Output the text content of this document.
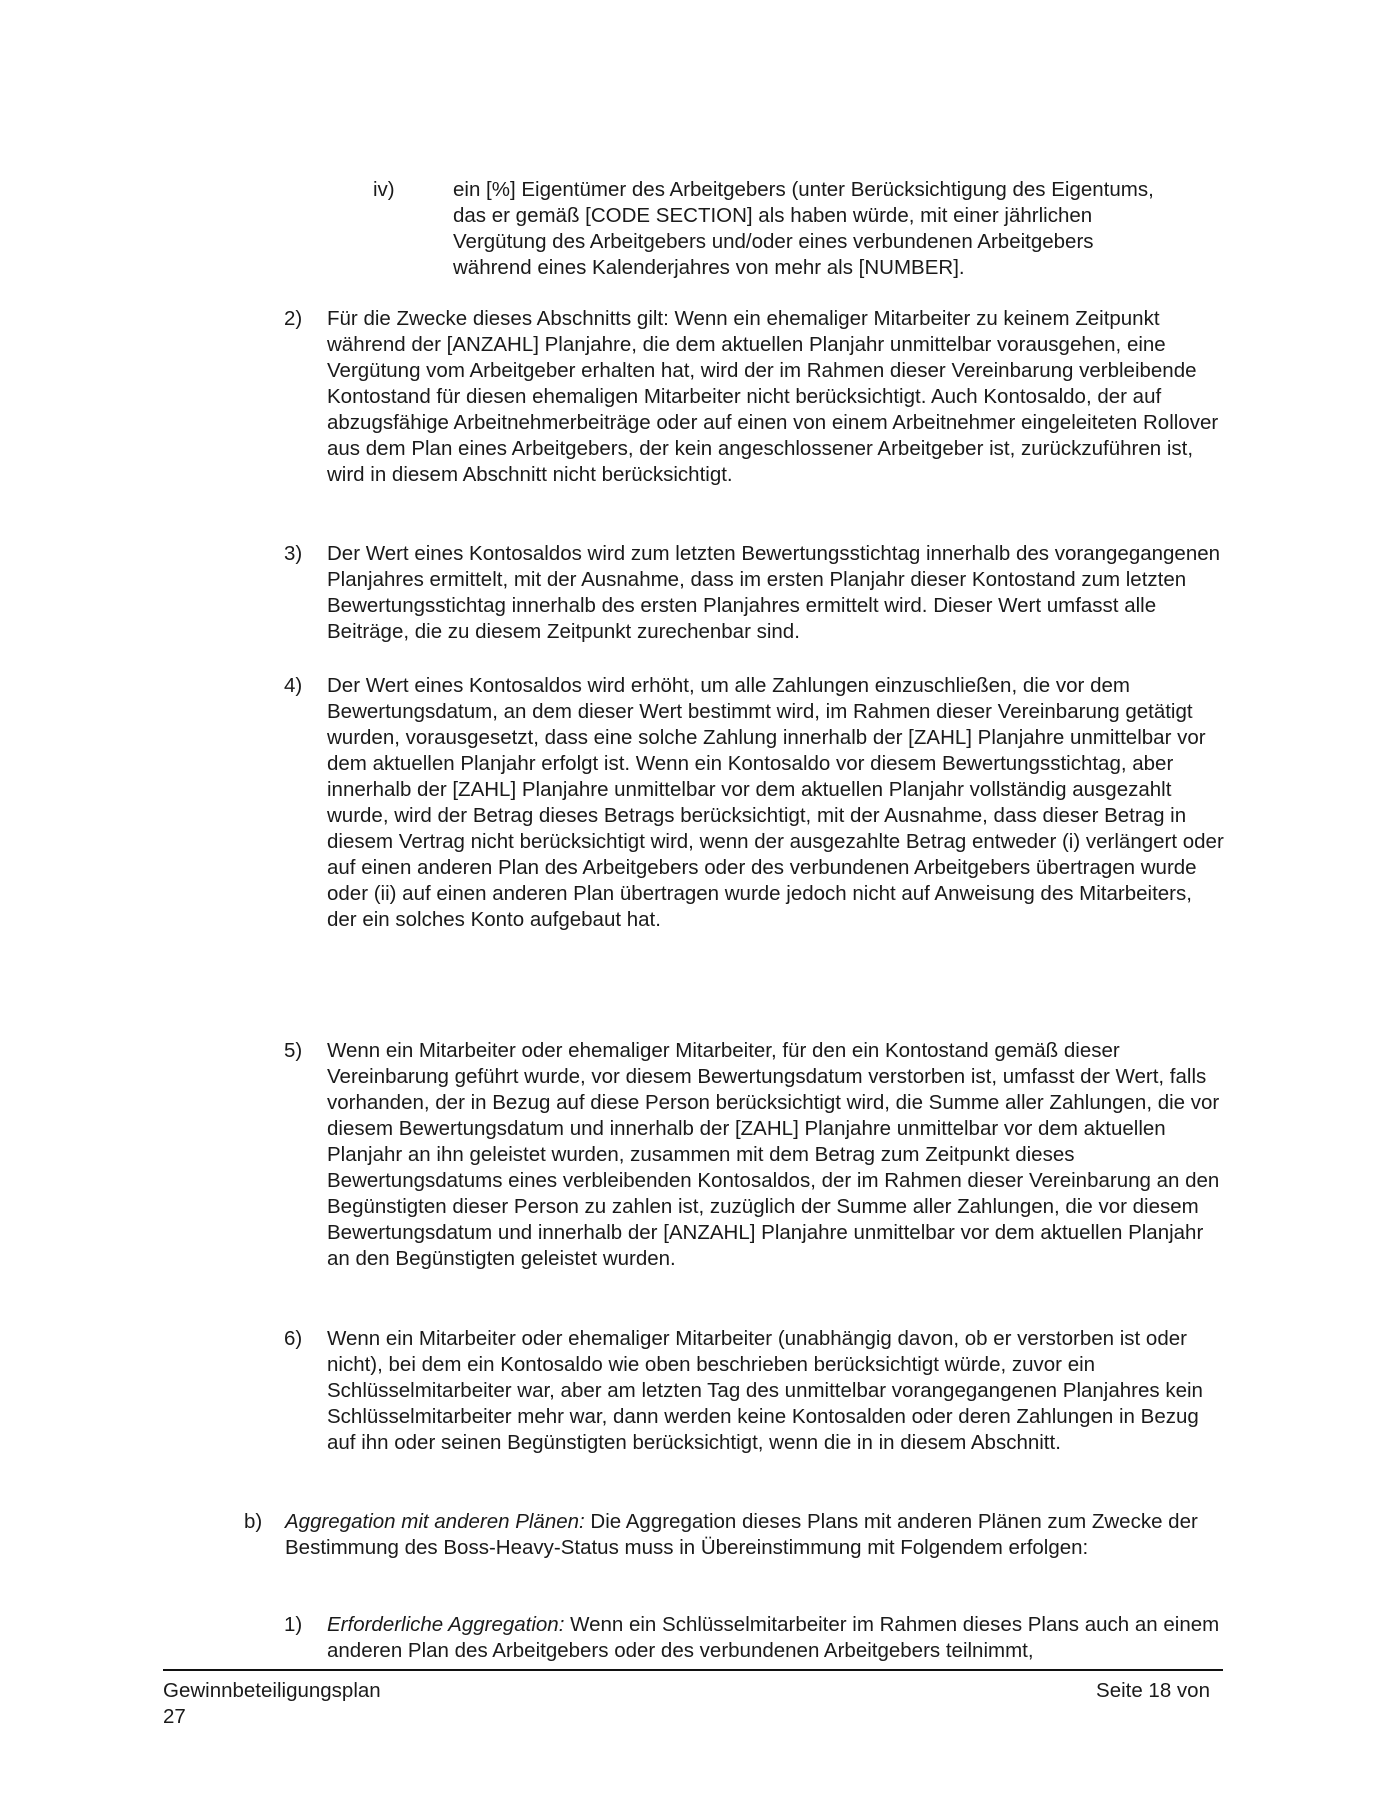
iv)	ein [%] Eigentümer des Arbeitgebers (unter Berücksichtigung des Eigentums, das er gemäß [CODE SECTION] als haben würde, mit einer jährlichen Vergütung des Arbeitgebers und/oder eines verbundenen Arbeitgebers während eines Kalenderjahres von mehr als [NUMBER].
2) Für die Zwecke dieses Abschnitts gilt: Wenn ein ehemaliger Mitarbeiter zu keinem Zeitpunkt während der [ANZAHL] Planjahre, die dem aktuellen Planjahr unmittelbar vorausgehen, eine Vergütung vom Arbeitgeber erhalten hat, wird der im Rahmen dieser Vereinbarung verbleibende Kontostand für diesen ehemaligen Mitarbeiter nicht berücksichtigt. Auch Kontosaldo, der auf abzugsfähige Arbeitnehmerbeiträge oder auf einen von einem Arbeitnehmer eingeleiteten Rollover aus dem Plan eines Arbeitgebers, der kein angeschlossener Arbeitgeber ist, zurückzuführen ist, wird in diesem Abschnitt nicht berücksichtigt.
3) Der Wert eines Kontosaldos wird zum letzten Bewertungsstichtag innerhalb des vorangegangenen Planjahres ermittelt, mit der Ausnahme, dass im ersten Planjahr dieser Kontostand zum letzten Bewertungsstichtag innerhalb des ersten Planjahres ermittelt wird. Dieser Wert umfasst alle Beiträge, die zu diesem Zeitpunkt zurechenbar sind.
4) Der Wert eines Kontosaldos wird erhöht, um alle Zahlungen einzuschließen, die vor dem Bewertungsdatum, an dem dieser Wert bestimmt wird, im Rahmen dieser Vereinbarung getätigt wurden, vorausgesetzt, dass eine solche Zahlung innerhalb der [ZAHL] Planjahre unmittelbar vor dem aktuellen Planjahr erfolgt ist. Wenn ein Kontosaldo vor diesem Bewertungsstichtag, aber innerhalb der [ZAHL] Planjahre unmittelbar vor dem aktuellen Planjahr vollständig ausgezahlt wurde, wird der Betrag dieses Betrags berücksichtigt, mit der Ausnahme, dass dieser Betrag in diesem Vertrag nicht berücksichtigt wird, wenn der ausgezahlte Betrag entweder (i) verlängert oder auf einen anderen Plan des Arbeitgebers oder des verbundenen Arbeitgebers übertragen wurde oder (ii) auf einen anderen Plan übertragen wurde jedoch nicht auf Anweisung des Mitarbeiters, der ein solches Konto aufgebaut hat.
5) Wenn ein Mitarbeiter oder ehemaliger Mitarbeiter, für den ein Kontostand gemäß dieser Vereinbarung geführt wurde, vor diesem Bewertungsdatum verstorben ist, umfasst der Wert, falls vorhanden, der in Bezug auf diese Person berücksichtigt wird, die Summe aller Zahlungen, die vor diesem Bewertungsdatum und innerhalb der [ZAHL] Planjahre unmittelbar vor dem aktuellen Planjahr an ihn geleistet wurden, zusammen mit dem Betrag zum Zeitpunkt dieses Bewertungsdatums eines verbleibenden Kontosaldos, der im Rahmen dieser Vereinbarung an den Begünstigten dieser Person zu zahlen ist, zuzüglich der Summe aller Zahlungen, die vor diesem Bewertungsdatum und innerhalb der [ANZAHL] Planjahre unmittelbar vor dem aktuellen Planjahr an den Begünstigten geleistet wurden.
6) Wenn ein Mitarbeiter oder ehemaliger Mitarbeiter (unabhängig davon, ob er verstorben ist oder nicht), bei dem ein Kontosaldo wie oben beschrieben berücksichtigt würde, zuvor ein Schlüsselmitarbeiter war, aber am letzten Tag des unmittelbar vorangegangenen Planjahres kein Schlüsselmitarbeiter mehr war, dann werden keine Kontosalden oder deren Zahlungen in Bezug auf ihn oder seinen Begünstigten berücksichtigt, wenn die in in diesem Abschnitt.
b) Aggregation mit anderen Plänen: Die Aggregation dieses Plans mit anderen Plänen zum Zwecke der Bestimmung des Boss-Heavy-Status muss in Übereinstimmung mit Folgendem erfolgen:
1) Erforderliche Aggregation: Wenn ein Schlüsselmitarbeiter im Rahmen dieses Plans auch an einem anderen Plan des Arbeitgebers oder des verbundenen Arbeitgebers teilnimmt,
Gewinnbeteiligungsplan
27
Seite 18 von
